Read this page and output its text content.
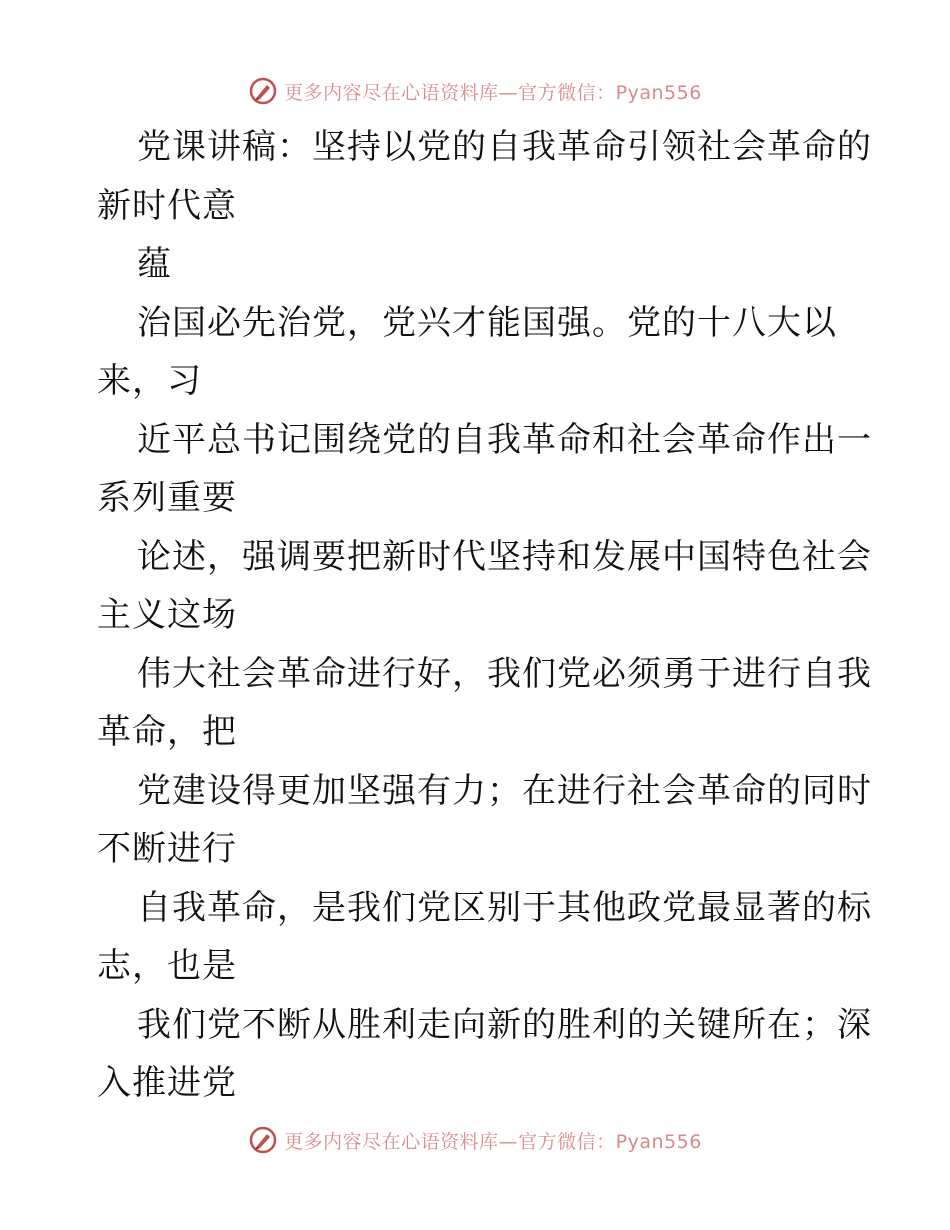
更多内容尽在心语资料库—官方微信：Pyan556
党课讲稿：坚持以党的自我革命引领社会革命的
新时代意
蕴
治国必先治党，党兴才能国强。党的十八大以
来，习
近平总书记围绕党的自我革命和社会革命作出一
系列重要
论述，强调要把新时代坚持和发展中国特色社会
主义这场
伟大社会革命进行好，我们党必须勇于进行自我
革命，把
党建设得更加坚强有力；在进行社会革命的同时
不断进行
自我革命，是我们党区别于其他政党最显著的标
志，也是
我们党不断从胜利走向新的胜利的关键所在；深
入推进党
更多内容尽在心语资料库—官方微信：Pyan556
